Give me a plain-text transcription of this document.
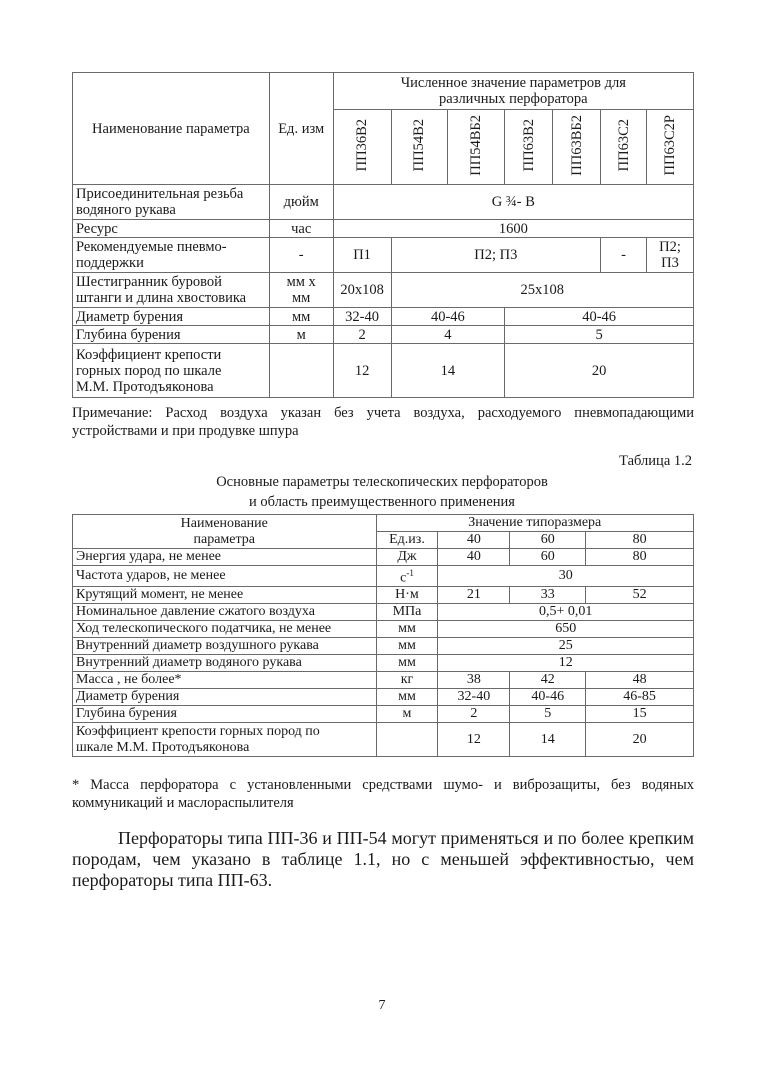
Наименование параметра	Ед. изм	Численное значение параметров для различных перфоратора						
		ПП36В2	ПП54В2	ПП54ВБ2	ПП63В2	ПП63ВБ2	ПП63С2	ПП63С2Р
Присоединительная резьба водяного рукава	дюйм	G ¾- В						
Ресурс	час	1600						
Рекомендуемые пневмо-поддержки	-	П1	П2; П3				-	П2; П3
Шестигранник буровой штанги и длина хвостовика	мм х мм	20x108	25x108					
Диаметр бурения	мм	32-40	40-46		40-46			
Глубина бурения	м	2	4		5			
Коэффициент крепости горных пород по шкале М.М. Протодъяконова		12	14		20			
Примечание: Расход воздуха указан без учета воздуха, расходуемого пневмопадающими устройствами и при продувке шпура
Таблица 1.2
Основные параметры телескопических перфораторов
и область преимущественного применения
Наименование	Значение типоразмера			
параметра	Ед.из.	40	60	80
Энергия удара, не менее	Дж	40	60	80
Частота ударов, не менее	$с^{-1}$	30		
Крутящий момент, не менее	Н·м	21	33	52
Номинальное давление сжатого воздуха	МПа	0,5+ 0,01		
Ход телескопического податчика, не менее	мм	650		
Внутренний диаметр воздушного рукава	мм	25		
Внутренний диаметр водяного рукава	мм	12		
Масса , не более*	кг	38	42	48
Диаметр бурения	мм	32-40	40-46	46-85
Глубина бурения	м	2	5	15
Коэффициент крепости горных пород по шкале М.М. Протодъяконова		12	14	20
* Масса перфоратора с установленными средствами шумо- и виброзащиты, без водяных коммуникаций и маслораспылителя
Перфораторы типа ПП-36 и ПП-54 могут применяться и по более крепким породам, чем указано в таблице 1.1, но с меньшей эффективностью, чем перфораторы типа ПП-63.
7
